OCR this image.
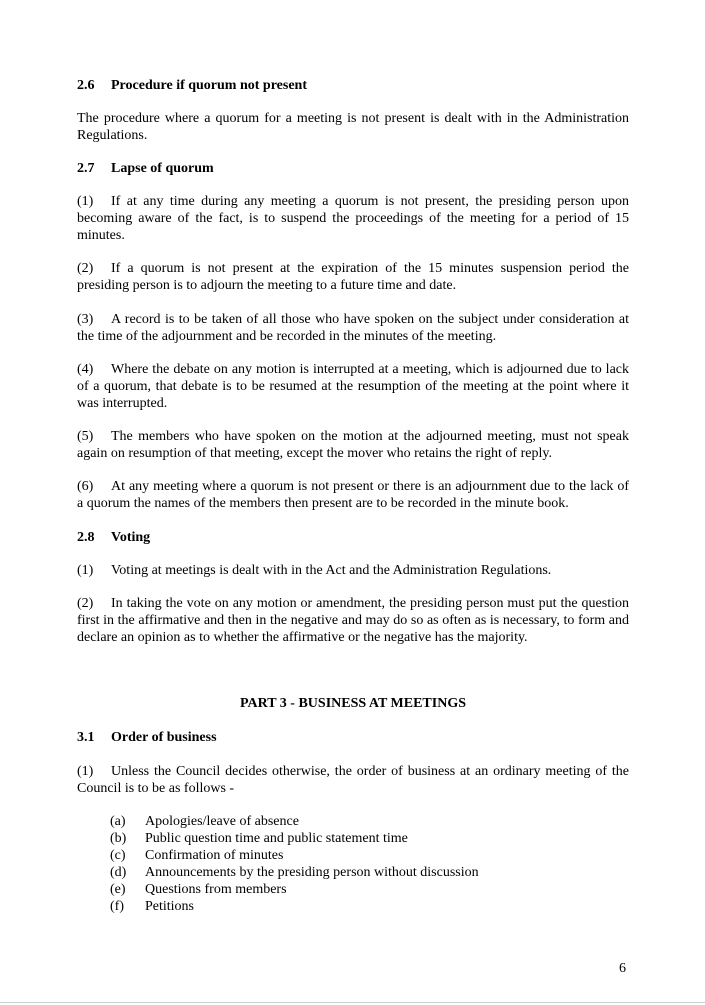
2.6 Procedure if quorum not present
The procedure where a quorum for a meeting is not present is dealt with in the Administration Regulations.
2.7 Lapse of quorum
(1) If at any time during any meeting a quorum is not present, the presiding person upon becoming aware of the fact, is to suspend the proceedings of the meeting for a period of 15 minutes.
(2) If a quorum is not present at the expiration of the 15 minutes suspension period the presiding person is to adjourn the meeting to a future time and date.
(3) A record is to be taken of all those who have spoken on the subject under consideration at the time of the adjournment and be recorded in the minutes of the meeting.
(4) Where the debate on any motion is interrupted at a meeting, which is adjourned due to lack of a quorum, that debate is to be resumed at the resumption of the meeting at the point where it was interrupted.
(5) The members who have spoken on the motion at the adjourned meeting, must not speak again on resumption of that meeting, except the mover who retains the right of reply.
(6) At any meeting where a quorum is not present or there is an adjournment due to the lack of a quorum the names of the members then present are to be recorded in the minute book.
2.8 Voting
(1) Voting at meetings is dealt with in the Act and the Administration Regulations.
(2) In taking the vote on any motion or amendment, the presiding person must put the question first in the affirmative and then in the negative and may do so as often as is necessary, to form and declare an opinion as to whether the affirmative or the negative has the majority.
PART 3 - BUSINESS AT MEETINGS
3.1 Order of business
(1) Unless the Council decides otherwise, the order of business at an ordinary meeting of the Council is to be as follows -
(a) Apologies/leave of absence
(b) Public question time and public statement time
(c) Confirmation of minutes
(d) Announcements by the presiding person without discussion
(e) Questions from members
(f) Petitions
6
